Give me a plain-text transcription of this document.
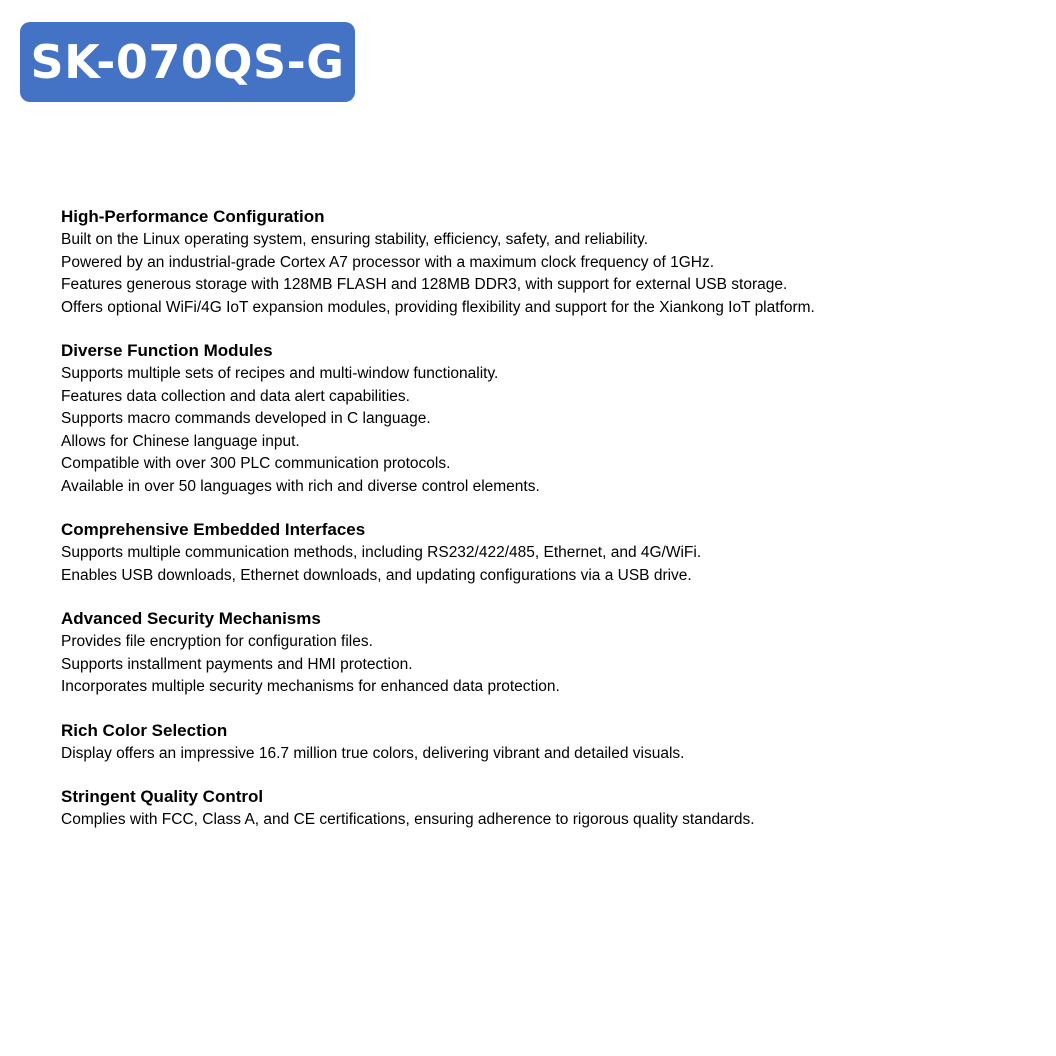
SK-070QS-G

High-Performance Configuration

Built on the Linux operating system, ensuring stability, efficiency, safety, and reliability.

Powered by an industrial-grade Cortex A7 processor with a maximum clock frequency of 1GHz.

Features generous storage with 128MB FLASH and 128MB DDR3, with support for external USB storage.

Offers optional WiFi/4G IoT expansion modules, providing flexibility and support for the Xiankong IoT platform.

Diverse Function Modules

Supports multiple sets of recipes and multi-window functionality.

Features data collection and data alert capabilities.

Supports macro commands developed in C language.

Allows for Chinese language input.

Compatible with over 300 PLC communication protocols.

Available in over 50 languages with rich and diverse control elements.

Comprehensive Embedded Interfaces

Supports multiple communication methods, including RS232/422/485, Ethernet, and 4G/WiFi.

Enables USB downloads, Ethernet downloads, and updating configurations via a USB drive.

Advanced Security Mechanisms

Provides file encryption for configuration files.

Supports installment payments and HMI protection.

Incorporates multiple security mechanisms for enhanced data protection.

Rich Color Selection

Display offers an impressive 16.7 million true colors, delivering vibrant and detailed visuals.

Stringent Quality Control

Complies with FCC, Class A, and CE certifications, ensuring adherence to rigorous quality standards.
